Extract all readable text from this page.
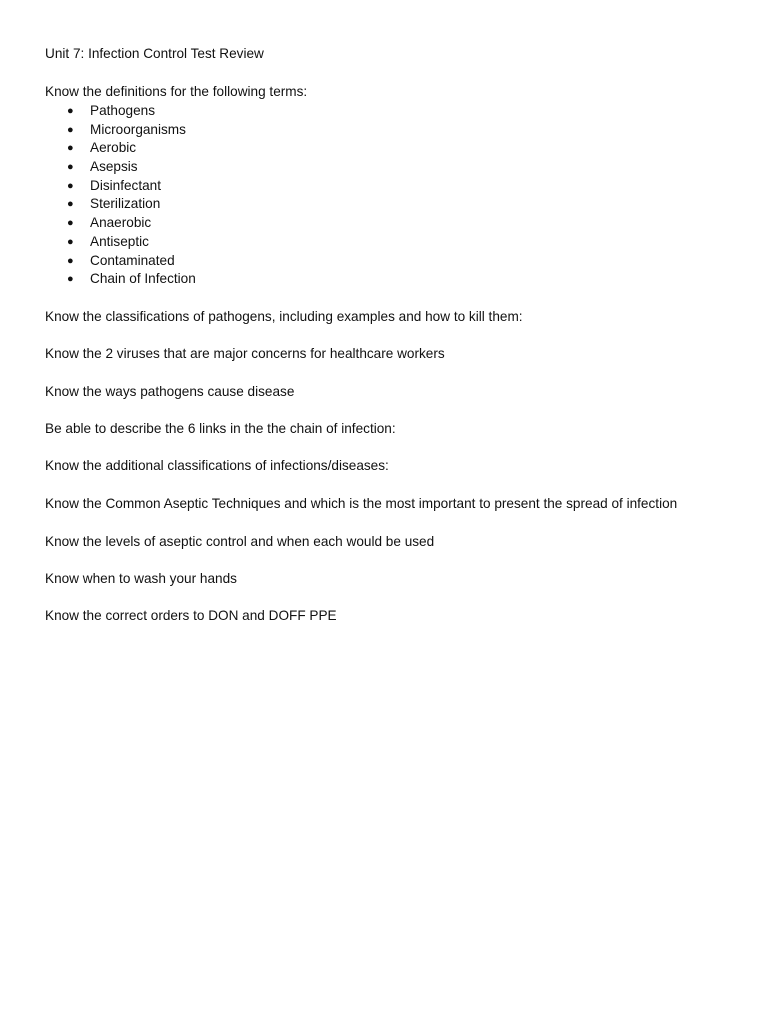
Unit 7: Infection Control Test Review
Know the definitions for the following terms:
● Pathogens
● Microorganisms
● Aerobic
● Asepsis
● Disinfectant
● Sterilization
● Anaerobic
● Antiseptic
● Contaminated
● Chain of Infection
Know the classifications of pathogens, including examples and how to kill them:
Know the 2 viruses that are major concerns for healthcare workers
Know the ways pathogens cause disease
Be able to describe the 6 links in the the chain of infection:
Know the additional classifications of infections/diseases:
Know the Common Aseptic Techniques and which is the most important to present the spread of infection
Know the levels of aseptic control and when each would be used
Know when to wash your hands
Know the correct orders to DON and DOFF PPE
